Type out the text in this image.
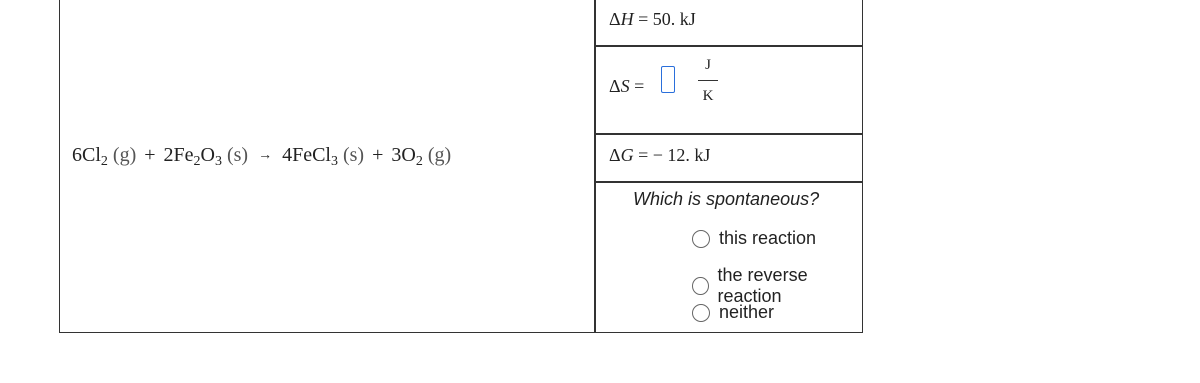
$6Cl_2$ $(g) + 2Fe_2O_3$ (s) → 4FeCl$_3$ $(s) + 3O_2$ (g)
ΔH = 50. kJ
ΔS =
J
K
ΔG = − 12. kJ
Which is spontaneous?
this reaction
the reverse reaction
neither
